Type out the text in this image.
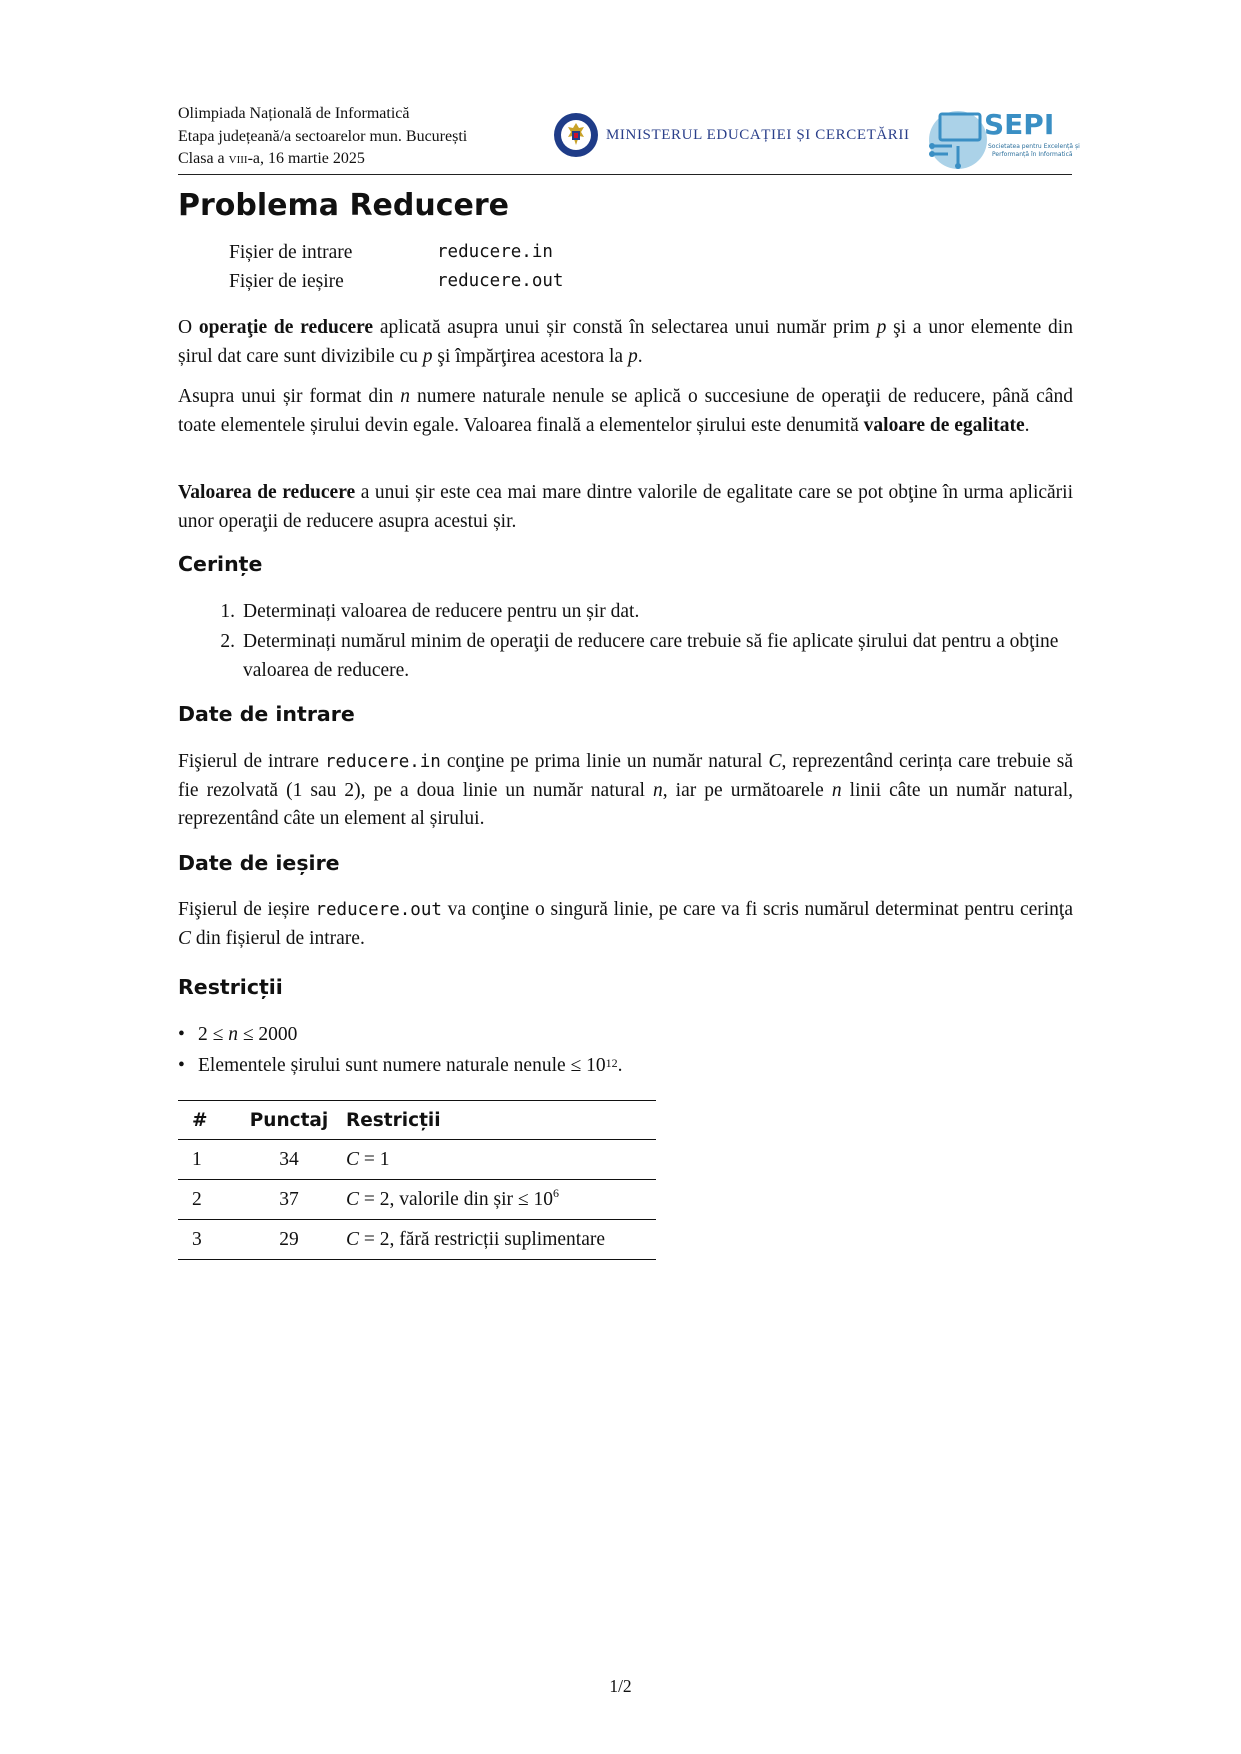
Olimpiada Națională de Informatică
Etapa județeană/a sectoarelor mun. București
Clasa a viii-a, 16 martie 2025
MINISTERUL EDUCAȚIEI ȘI CERCETĂRII	SEPI
Societatea pentru Excelență și
Performanță în Informatică
Problema Reducere
Fișier de intrare	reducere.in
Fișier de ieșire	reducere.out
O operaţie de reducere aplicată asupra unui șir constă în selectarea unui număr prim p şi a unor elemente din șirul dat care sunt divizibile cu p şi împărţirea acestora la p.
Asupra unui șir format din n numere naturale nenule se aplică o succesiune de operaţii de reducere, până când toate elementele șirului devin egale. Valoarea finală a elementelor șirului este denumită valoare de egalitate.
Valoarea de reducere a unui șir este cea mai mare dintre valorile de egalitate care se pot obţine în urma aplicării unor operaţii de reducere asupra acestui șir.
Cerințe
1. Determinați valoarea de reducere pentru un șir dat.
2. Determinați numărul minim de operaţii de reducere care trebuie să fie aplicate șirului dat pentru a obţine valoarea de reducere.
Date de intrare
Fişierul de intrare reducere.in conţine pe prima linie un număr natural C, reprezentând cerința care trebuie să fie rezolvată (1 sau 2), pe a doua linie un număr natural n, iar pe următoarele n linii câte un număr natural, reprezentând câte un element al șirului.
Date de ieșire
Fişierul de ieșire reducere.out va conţine o singură linie, pe care va fi scris numărul determinat pentru cerinţa C din fișierul de intrare.
Restricții
• 2 ≤ n ≤ 2000
• Elementele șirului sunt numere naturale nenule ≤ $10^{12}$.
#	Punctaj	Restricții
1	34	C = 1
2	37	C = 2, valorile din șir ≤ $10^6$
3	29	C = 2, fără restricții suplimentare
1/2
